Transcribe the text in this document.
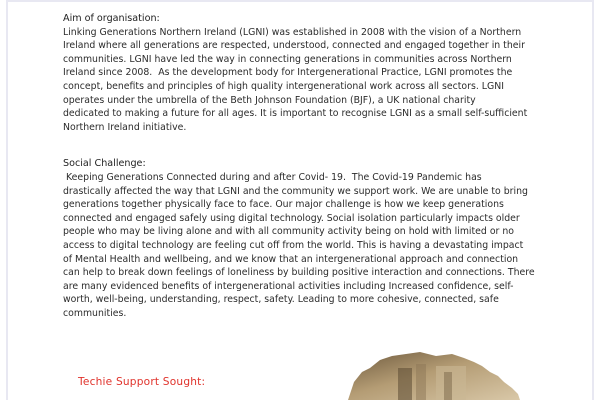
Aim of organisation:

Linking Generations Northern Ireland (LGNI) was established in 2008 with the vision of a Northern
Ireland where all generations are respected, understood, connected and engaged together in their
communities. LGNI have led the way in connecting generations in communities across Northern
Ireland since 2008.  As the development body for Intergenerational Practice, LGNI promotes the
concept, benefits and principles of high quality intergenerational work across all sectors. LGNI
operates under the umbrella of the Beth Johnson Foundation (BJF), a UK national charity
dedicated to making a future for all ages. It is important to recognise LGNI as a small self-sufficient
Northern Ireland initiative.

Social Challenge:

Keeping Generations Connected during and after Covid- 19.  The Covid-19 Pandemic has
drastically affected the way that LGNI and the community we support work. We are unable to bring
generations together physically face to face. Our major challenge is how we keep generations
connected and engaged safely using digital technology. Social isolation particularly impacts older
people who may be living alone and with all community activity being on hold with limited or no
access to digital technology are feeling cut off from the world. This is having a devastating impact
of Mental Health and wellbeing, and we know that an intergenerational approach and connection
can help to break down feelings of loneliness by building positive interaction and connections. There
are many evidenced benefits of intergenerational activities including Increased confidence, self-
worth, well-being, understanding, respect, safety. Leading to more cohesive, connected, safe
communities.

Techie Support Sought:
